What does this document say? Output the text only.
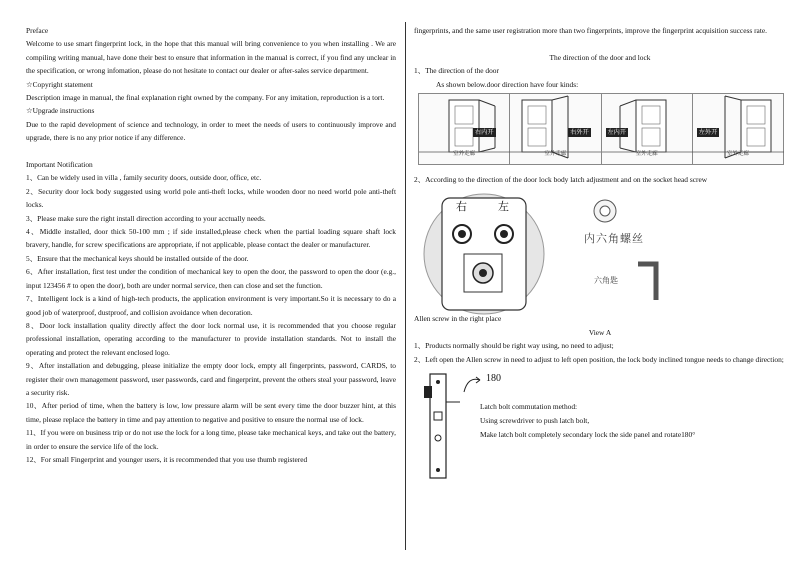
Preface

Welcome to use smart fingerprint lock, in the hope that this manual will bring convenience to you when installing . We are compiling writing manual, have done their best to ensure that information in the manual is correct, if you find any unclear in the specification, or wrong infomation, please do not hesitate to contact our dealer or after-sales service department.

☆Copyright statement

Description image in manual, the final explanation right owned by the company. For any imitation, reproduction is a tort.

☆Upgrade instructions

Due to the rapid development of science and technology, in order to meet the needs of users to continuously improve and upgrade, there is no any prior notice if any difference.

Important Notification

1、Can be widely used in villa , family security doors, outside door, office, etc.

2、Security door lock body suggested using world pole anti-theft locks, while wooden door no need world pole anti-theft locks.

3、Please make sure the right install direction according to your acctually needs.

4、Middle installed, door thick 50-100 mm ; if side installed,please check when the partial loading square shaft lock bravery, handle, for screw specifications are appropriate, if not applicable, please contact the dealer or manufacturer.

5、Ensure that the mechanical keys should be installed outside of the door.

6、After installation, first test under the condition of mechanical key to open the door, the password to open the door (e.g., input 123456 # to open the door), both are under normal service, then can close and set the function.

7、Intelligent lock is a kind of high-tech products, the application environment is very important.So it is necessary to do a good job of waterproof, dustproof, and collision avoidance when decoration.

8、Door lock installation quality directly affect the door lock normal use, it is recommended that you choose regular professional installation, operating according to the manufacturer to provide installation standards. Not to install the operating and protect the relevant enclosed logo.

9、After installation and debugging, please initialize the empty door lock, empty all fingerprints, password, CARDS, to register their own management password, user passwords, card and fingerprint, prevent the others steal your password, leave a security risk.

10、After period of time, when the battery is low, low pressure alarm will be sent every time the door buzzer hint, at this time, please replace the battery in time and pay attention to negative and positive to ensure the normal use of lock.

11、If you were on business trip or do not use the lock for a long time, please take mechanical keys, and take out the battery, in order to ensure the service life of the lock.

12、For small Fingerprint and younger users, it is recommended that you use thumb registered

fingerprints, and the same user registration more than two fingerprints, improve the fingerprint acquisition success rate.

The direction of the door and lock

1、The direction of the door

As shown below.door direction have four kinds:

右内开
室外走廊
右外开
室外走廊
左内开
室外走廊
左外开
室外走廊

2、According to the direction of the door lock body latch adjustment and on the socket head screw

右	左
内六角螺丝
六角匙

Allen screw in the right place

View A

1、Products normally should be right way using, no need to adjust;

2、Left open the Allen screw in need to adjust to left open position, the lock body inclined tongue needs to change direction;

180
Latch bolt commutation method:
Using screwdriver to push latch bolt,
Make latch bolt completely secondary lock the side panel and rotate180°
